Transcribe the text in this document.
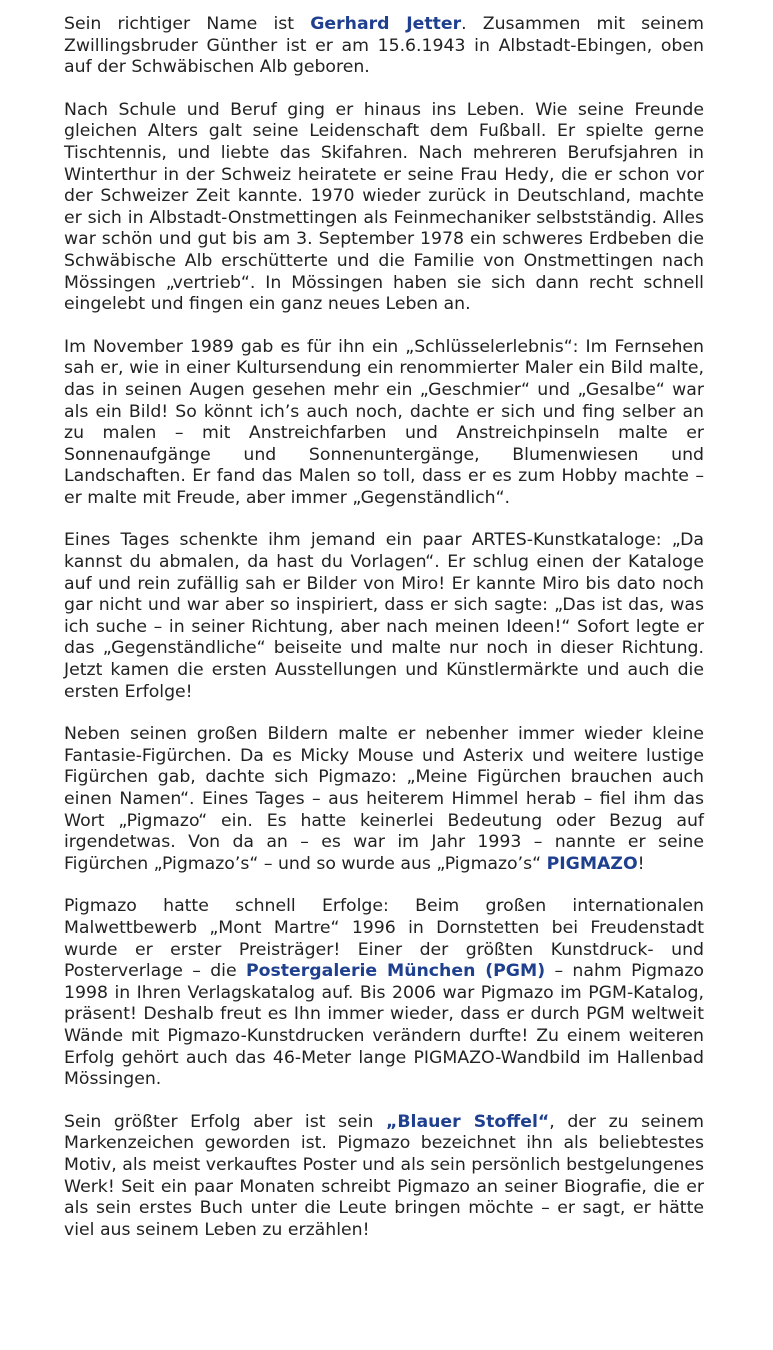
Sein richtiger Name ist Gerhard Jetter. Zusammen mit seinem Zwillingsbruder Günther ist er am 15.6.1943 in Albstadt-Ebingen, oben auf der Schwäbischen Alb geboren.

Nach Schule und Beruf ging er hinaus ins Leben. Wie seine Freunde gleichen Alters galt seine Leidenschaft dem Fußball. Er spielte gerne Tischtennis, und liebte das Skifahren. Nach mehreren Berufsjahren in Winterthur in der Schweiz heiratete er seine Frau Hedy, die er schon vor der Schweizer Zeit kannte. 1970 wieder zurück in Deutschland, machte er sich in Albstadt-Onstmettingen als Feinmechaniker selbstständig. Alles war schön und gut bis am 3. September 1978 ein schweres Erdbeben die Schwäbische Alb erschütterte und die Familie von Onstmettingen nach Mössingen „vertrieb“. In Mössingen haben sie sich dann recht schnell eingelebt und fingen ein ganz neues Leben an.

Im November 1989 gab es für ihn ein „Schlüsselerlebnis“: Im Fernsehen sah er, wie in einer Kultursendung ein renommierter Maler ein Bild malte, das in seinen Augen gesehen mehr ein „Geschmier“ und „Gesalbe“ war als ein Bild! So könnt ich’s auch noch, dachte er sich und fing selber an zu malen – mit Anstreichfarben und Anstreichpinseln malte er Sonnenaufgänge und Sonnenuntergänge, Blumenwiesen und Landschaften. Er fand das Malen so toll, dass er es zum Hobby machte – er malte mit Freude, aber immer „Gegenständlich“.

Eines Tages schenkte ihm jemand ein paar ARTES-Kunstkataloge: „Da kannst du abmalen, da hast du Vorlagen“. Er schlug einen der Kataloge auf und rein zufällig sah er Bilder von Miro! Er kannte Miro bis dato noch gar nicht und war aber so inspiriert, dass er sich sagte: „Das ist das, was ich suche – in seiner Richtung, aber nach meinen Ideen!“ Sofort legte er das „Gegenständliche“ beiseite und malte nur noch in dieser Richtung. Jetzt kamen die ersten Ausstellungen und Künstlermärkte und auch die ersten Erfolge!

Neben seinen großen Bildern malte er nebenher immer wieder kleine Fantasie-Figürchen. Da es Micky Mouse und Asterix und weitere lustige Figürchen gab, dachte sich Pigmazo: „Meine Figürchen brauchen auch einen Namen“. Eines Tages – aus heiterem Himmel herab – fiel ihm das Wort „Pigmazo“ ein. Es hatte keinerlei Bedeutung oder Bezug auf irgendetwas. Von da an – es war im Jahr 1993 – nannte er seine Figürchen „Pigmazo’s“ – und so wurde aus „Pigmazo’s“ PIGMAZO!

Pigmazo hatte schnell Erfolge: Beim großen internationalen Malwettbewerb „Mont Martre“ 1996 in Dornstetten bei Freudenstadt wurde er erster Preisträger! Einer der größten Kunstdruck- und Posterverlage – die Postergalerie München (PGM) – nahm Pigmazo 1998 in Ihren Verlagskatalog auf. Bis 2006 war Pigmazo im PGM-Katalog, präsent! Deshalb freut es Ihn immer wieder, dass er durch PGM weltweit Wände mit Pigmazo-Kunstdrucken verändern durfte! Zu einem weiteren Erfolg gehört auch das 46-Meter lange PIGMAZO-Wandbild im Hallenbad Mössingen.

Sein größter Erfolg aber ist sein „Blauer Stoffel“, der zu seinem Markenzeichen geworden ist. Pigmazo bezeichnet ihn als beliebtestes Motiv, als meist verkauftes Poster und als sein persönlich bestgelungenes Werk! Seit ein paar Monaten schreibt Pigmazo an seiner Biografie, die er als sein erstes Buch unter die Leute bringen möchte – er sagt, er hätte viel aus seinem Leben zu erzählen!
